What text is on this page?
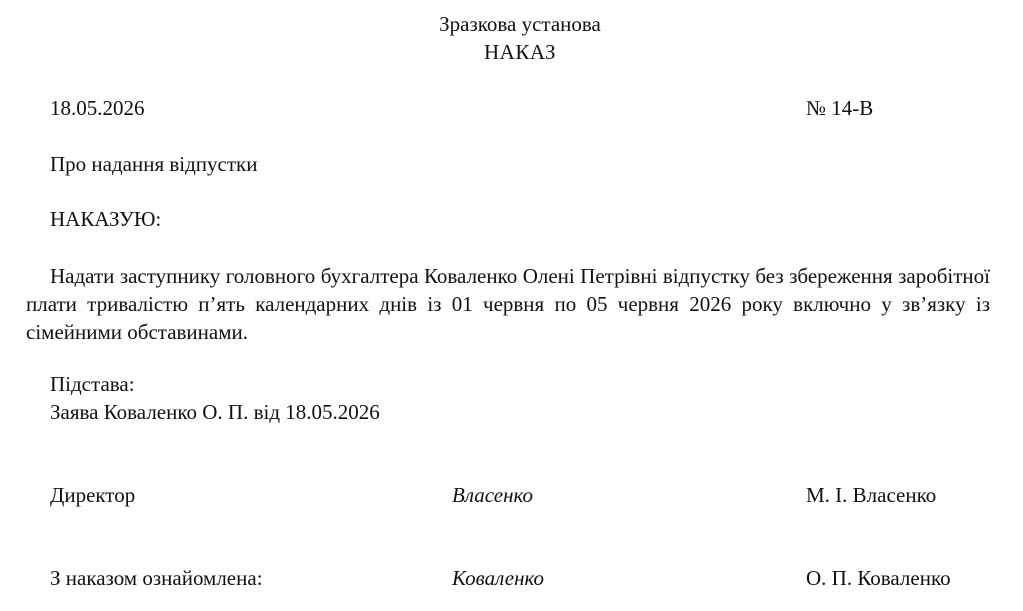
Зразкова установа
НАКАЗ
18.05.2026	№ 14-В
Про надання відпустки
НАКАЗУЮ:
Надати заступнику головного бухгалтера Коваленко Олені Петрівні відпустку без збереження заробітної плати тривалістю п’ять календарних днів із 01 червня по 05 червня 2026 року включно у зв’язку із сімейними обставинами.
Підстава:
Заява Коваленко О. П. від 18.05.2026
Директор	Власенко	М. І. Власенко
З наказом ознайомлена:	Коваленко	О. П. Коваленко
